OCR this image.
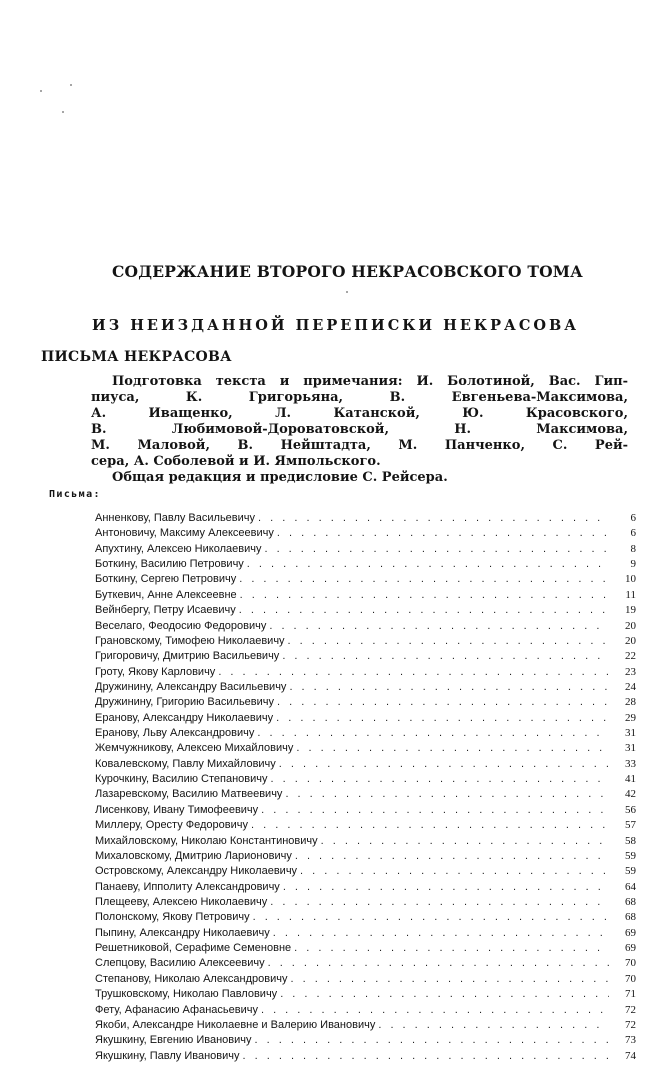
СОДЕРЖАНИЕ ВТОРОГО НЕКРАСОВСКОГО ТОМА
ИЗ НЕИЗДАННОЙ ПЕРЕПИСКИ НЕКРАСОВА
ПИСЬМА НЕКРАСОВА
Подготовка текста и примечания: И. Болотиной, Вас. Гип-
пиуса, К. Григорьяна, В. Евгеньева-Максимова,
А. Иващенко, Л. Катанской, Ю. Красовского,
В. Любимовой-Дороватовской, Н. Максимова,
М. Маловой, В. Нейштадта, М. Панченко, С. Рей-
сера, А. Соболевой и И. Ямпольского.
Общая редакция и предисловие С. Рейсера.
Письма:
Анненкову, Павлу Васильевичу . . .	6
Антоновичу, Максиму Алексеевичу . . .	6
Апухтину, Алексею Николаевичу . . .	8
Боткину, Василию Петровичу . . .	9
Боткину, Сергею Петровичу . . .	10
Буткевич, Анне Алексеевне . . .	11
Вейнбергу, Петру Исаевичу . . .	19
Веселаго, Феодосию Федоровичу . . .	20
Грановскому, Тимофею Николаевичу . . .	20
Григоровичу, Дмитрию Васильевичу . . .	22
Гроту, Якову Карловичу . . .	23
Дружинину, Александру Васильевичу . . .	24
Дружинину, Григорию Васильевичу . . .	28
Еранову, Александру Николаевичу . . .	29
Еранову, Льву Александровичу . . .	31
Жемчужникову, Алексею Михайловичу . . .	31
Ковалевскому, Павлу Михайловичу . . .	33
Курочкину, Василию Степановичу . . .	41
Лазаревскому, Василию Матвеевичу . . .	42
Лисенкову, Ивану Тимофеевичу . . .	56
Миллеру, Оресту Федоровичу . . .	57
Михайловскому, Николаю Константиновичу . . .	58
Михаловскому, Дмитрию Ларионовичу . . .	59
Островскому, Александру Николаевичу . . .	59
Панаеву, Ипполиту Александровичу . . .	64
Плещееву, Алексею Николаевичу . . .	68
Полонскому, Якову Петровичу . . .	68
Пыпину, Александру Николаевичу . . .	69
Решетниковой, Серафиме Семеновне . . .	69
Слепцову, Василию Алексеевичу . . .	70
Степанову, Николаю Александровичу . . .	70
Трушковскому, Николаю Павловичу . . .	71
Фету, Афанасию Афанасьевичу . . .	72
Якоби, Александре Николаевне и Валерию Ивановичу . . .	72
Якушкину, Евгению Ивановичу . . .	73
Якушкину, Павлу Ивановичу . . .	74
